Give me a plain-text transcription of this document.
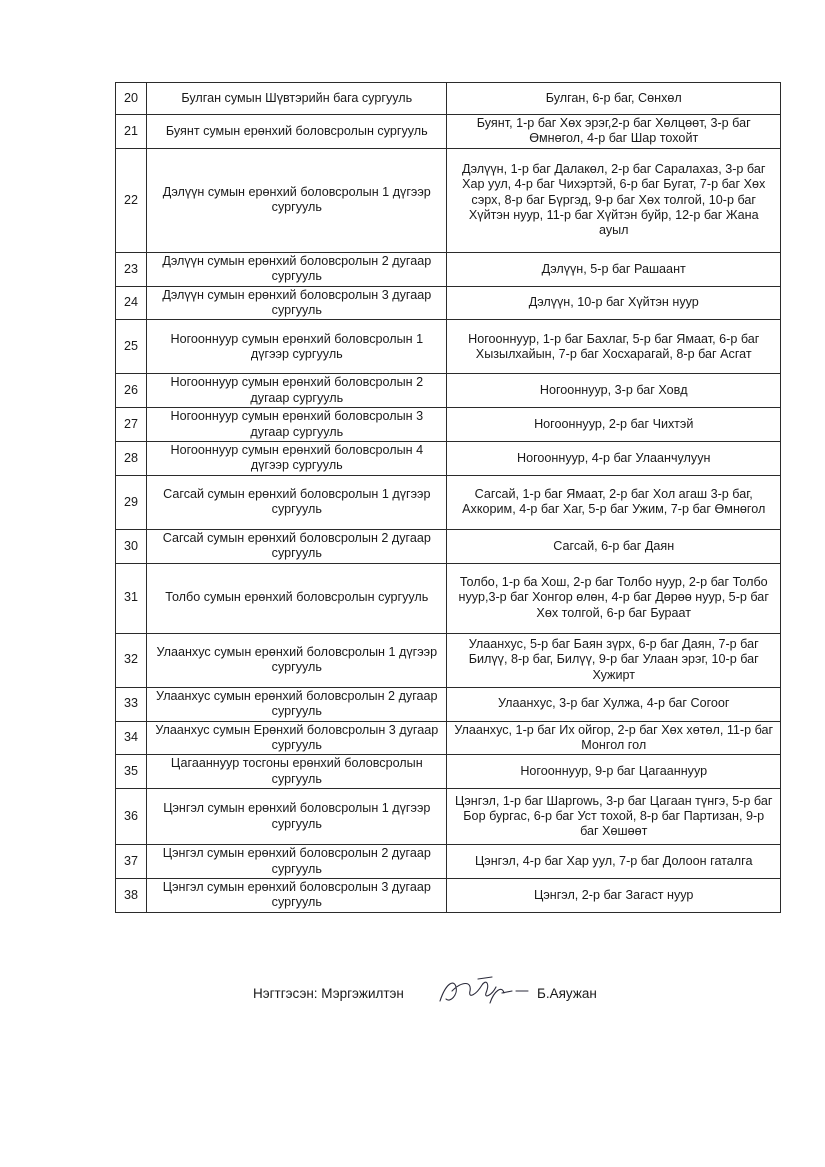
20	Булган сумын Шүвтэрийн бага сургууль	Булган, 6-р баг, Сөнхөл
21	Буянт сумын ерөнхий боловсролын сургууль	Буянт, 1-р баг Хөх эрэг,2-р баг Хөлцөөт, 3-р баг Өмнөгол, 4-р баг Шар тохойт
22	Дэлүүн сумын ерөнхий боловсролын 1 дүгээр сургууль	Дэлүүн, 1-р баг Далакөл, 2-р баг Саралахаз, 3-р баг Хар уул, 4-р баг Чихэртэй, 6-р баг Бугат, 7-р баг Хөх сэрх, 8-р баг Бүргэд, 9-р баг Хөх толгой, 10-р баг Хүйтэн нуур, 11-р баг Хүйтэн буйр, 12-р баг Жана ауыл
23	Дэлүүн сумын ерөнхий боловсролын 2 дугаар сургууль	Дэлүүн, 5-р баг Рашаант
24	Дэлүүн сумын ерөнхий боловсролын 3 дугаар сургууль	Дэлүүн, 10-р баг Хүйтэн нуур
25	Ногооннуур сумын ерөнхий боловсролын 1 дүгээр сургууль	Ногооннуур, 1-р баг Бахлаг, 5-р баг Ямаат, 6-р баг Хызылхайын, 7-р баг Хосхарагай, 8-р баг Асгат
26	Ногооннуур сумын ерөнхий боловсролын 2 дугаар сургууль	Ногооннуур, 3-р баг Ховд
27	Ногооннуур сумын ерөнхий боловсролын 3 дугаар сургууль	Ногооннуур, 2-р баг Чихтэй
28	Ногооннуур сумын ерөнхий боловсролын 4 дүгээр сургууль	Ногооннуур, 4-р баг Улаанчулуун
29	Сагсай сумын ерөнхий боловсролын 1 дүгээр сургууль	Сагсай, 1-р баг Ямаат, 2-р баг Хол агаш 3-р баг, Ахкорим, 4-р баг Хаг, 5-р баг Ужим, 7-р баг Өмнөгол
30	Сагсай сумын ерөнхий боловсролын 2 дугаар сургууль	Сагсай, 6-р баг Даян
31	Толбо сумын ерөнхий боловсролын сургууль	Толбо, 1-р ба Хош, 2-р баг Толбо нуур, 2-р баг Толбо нуур,3-р баг Хонгор өлөн, 4-р баг Дөрөө нуур, 5-р баг Хөх толгой, 6-р баг Бураат
32	Улаанхус сумын ерөнхий боловсролын 1 дүгээр сургууль	Улаанхус, 5-р баг Баян зүрх, 6-р баг Даян, 7-р баг Билүү, 8-р баг, Билүү, 9-р баг Улаан эрэг, 10-р баг Хужирт
33	Улаанхус сумын ерөнхий боловсролын 2 дугаар сургууль	Улаанхус, 3-р баг Хулжа, 4-р баг Согоог
34	Улаанхус сумын Ерөнхий боловсролын 3 дугаар сургууль	Улаанхус, 1-р баг Их ойгор, 2-р баг Хөх хөтөл, 11-р баг Монгол гол
35	Цагааннуур тосгоны ерөнхий боловсролын сургууль	Ногооннуур, 9-р баг Цагааннуур
36	Цэнгэл сумын ерөнхий боловсролын 1 дүгээр сургууль	Цэнгэл, 1-р баг Шаргоwь, 3-р баг Цагаан түнгэ, 5-р баг Бор бургас, 6-р баг Уст тохой, 8-р баг Партизан, 9-р баг Хөшөөт
37	Цэнгэл сумын ерөнхий боловсролын 2 дугаар сургууль	Цэнгэл, 4-р баг Хар уул, 7-р баг Долоон гаталга
38	Цэнгэл сумын ерөнхий боловсролын 3 дугаар сургууль	Цэнгэл, 2-р баг Загаст нуур
Нэгтгэсэн: Мэргэжилтэн	Б.Аяужан
